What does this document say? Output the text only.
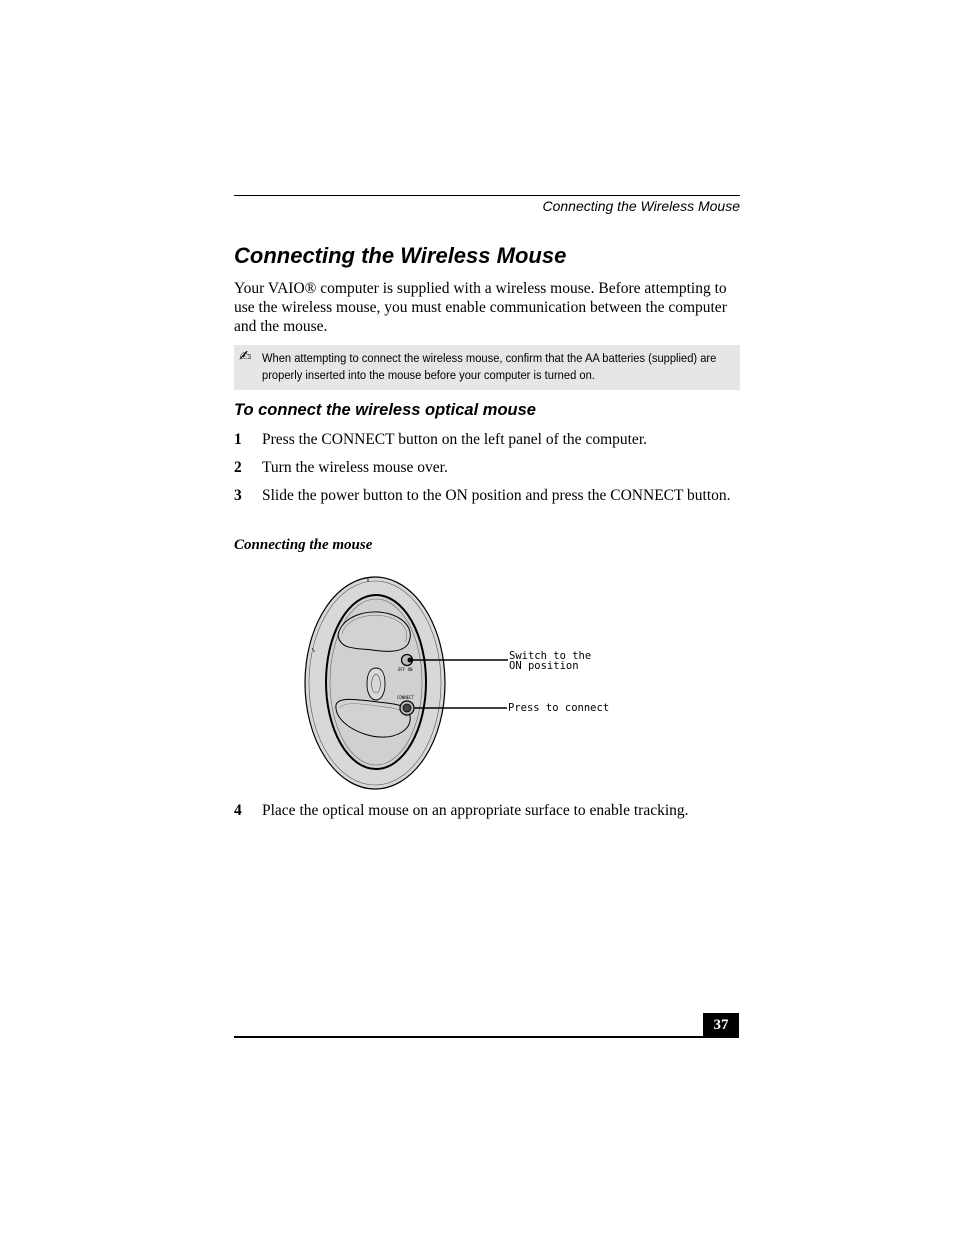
Connecting the Wireless Mouse
Connecting the Wireless Mouse

Your VAIO® computer is supplied with a wireless mouse. Before attempting to use the wireless mouse, you must enable communication between the computer and the mouse.

✍ When attempting to connect the wireless mouse, confirm that the AA batteries (supplied) are properly inserted into the mouse before your computer is turned on.

To connect the wireless optical mouse
1 Press the CONNECT button on the left panel of the computer.
2 Turn the wireless mouse over.
3 Slide the power button to the ON position and press the CONNECT button.
Connecting the mouse
OFF ON
CONNECT
Switch to the
ON position
Press to connect
4 Place the optical mouse on an appropriate surface to enable tracking.
37
